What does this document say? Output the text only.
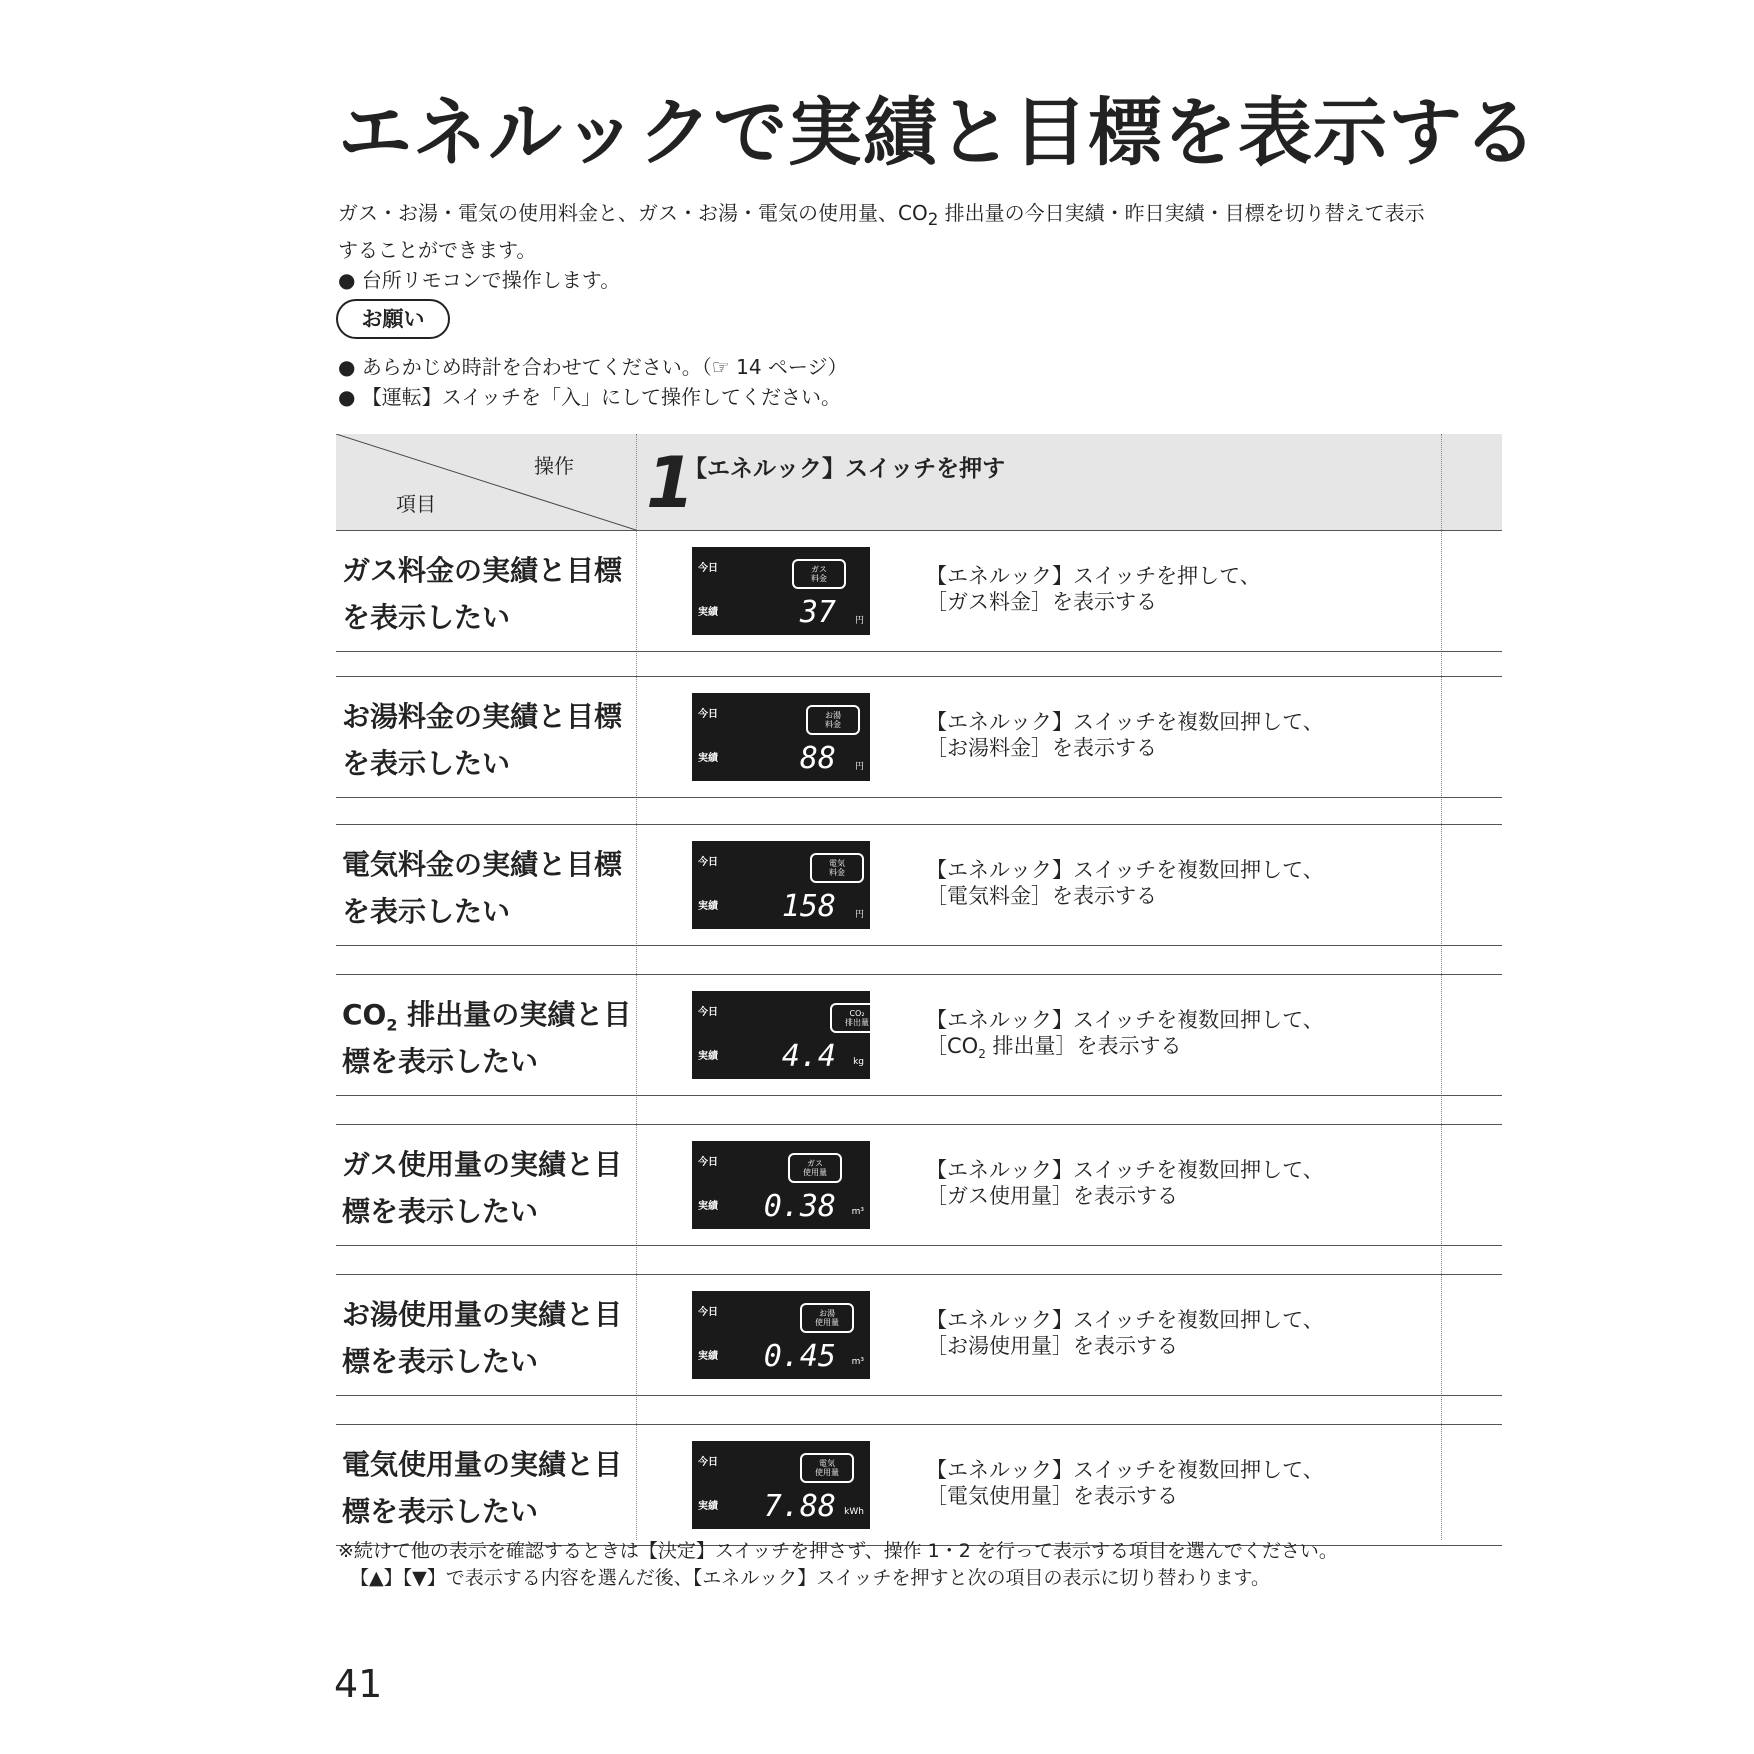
エネルックで実績と目標を表示する

ガス・お湯・電気の使用料金と、ガス・お湯・電気の使用量、$CO_2$ 排出量の今日実績・昨日実績・目標を切り替えて表示

することができます。

● 台所リモコンで操作します。

お願い

● あらかじめ時計を合わせてください。（☞ 14 ページ）

● 【運転】スイッチを「入」にして操作してください。

操作
項目	1
【エネルック】スイッチを押す
ガス料金の実績と目標を表示したい
今日
実績
ガス
料金
37 円
【エネルック】スイッチを押して、
［ガス料金］を表示する
お湯料金の実績と目標を表示したい
今日
実績
お湯
料金
88 円
【エネルック】スイッチを複数回押して、
［お湯料金］を表示する
電気料金の実績と目標を表示したい
今日
実績
電気
料金
158 円
【エネルック】スイッチを複数回押して、
［電気料金］を表示する
$CO_2$ 排出量の実績と目標を表示したい
今日
実績
CO₂
排出量
4.4 kg
【エネルック】スイッチを複数回押して、
$[CO_2$ 排出量］を表示する
ガス使用量の実績と目標を表示したい
今日
実績
ガス
使用量
0.38 m³
【エネルック】スイッチを複数回押して、
［ガス使用量］を表示する
お湯使用量の実績と目標を表示したい
今日
実績
お湯
使用量
0.45 m³
【エネルック】スイッチを複数回押して、
［お湯使用量］を表示する
電気使用量の実績と目標を表示したい
今日
実績
電気
使用量
7.88 kWh
【エネルック】スイッチを複数回押して、
［電気使用量］を表示する

※続けて他の表示を確認するときは【決定】スイッチを押さず、操作 1・2 を行って表示する項目を選んでください。

【▲】【▼】で表示する内容を選んだ後、【エネルック】スイッチを押すと次の項目の表示に切り替わります。

41
